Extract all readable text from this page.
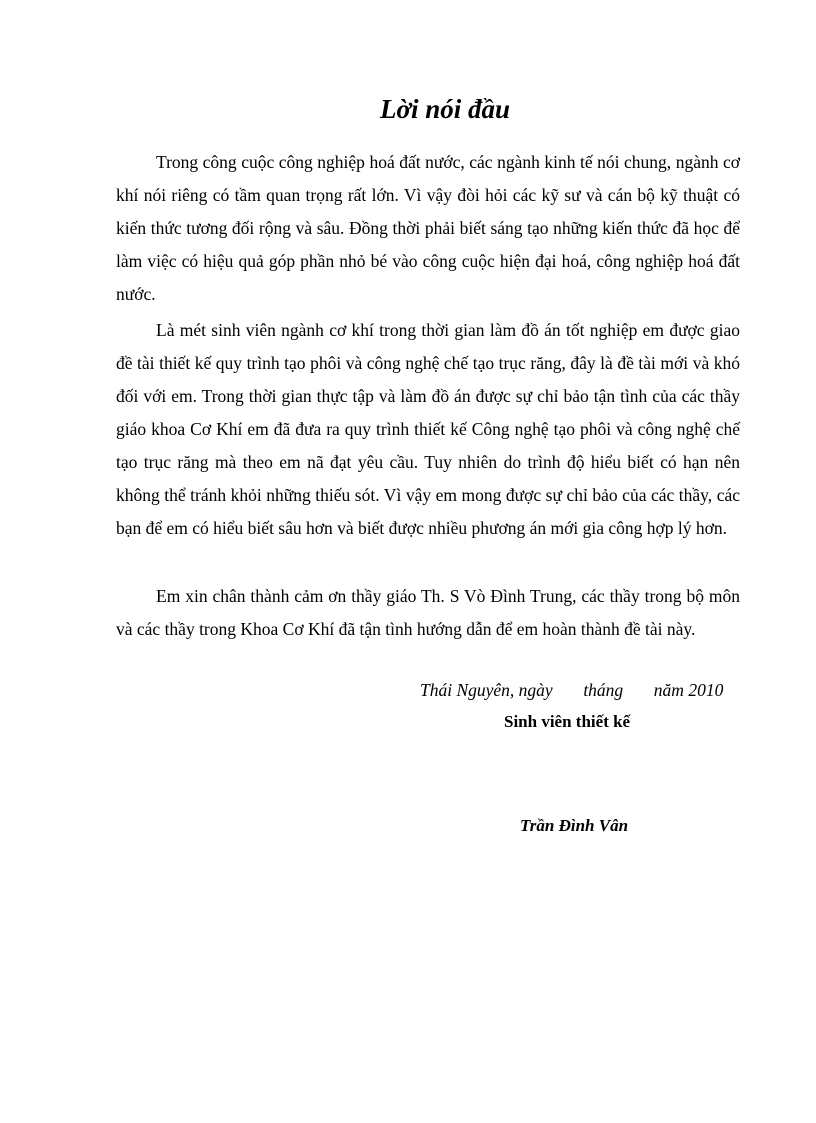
Lời nói đầu

Trong công cuộc công nghiệp hoá đất nước, các ngành kinh tế nói chung, ngành cơ khí nói riêng có tầm quan trọng rất lớn. Vì vậy đòi hỏi các kỹ sư và cán bộ kỹ thuật có kiến thức tương đối rộng và sâu. Đồng thời phải biết sáng tạo những kiến thức đã học để làm việc có hiệu quả góp phần nhỏ bé vào công cuộc hiện đại hoá, công nghiệp hoá đất nước.

Là mét sinh viên ngành cơ khí trong thời gian làm đồ án tốt nghiệp em được giao đề tài thiết kế quy trình tạo phôi và công nghệ chế tạo trục răng, đây là đề tài mới và khó đối với em. Trong thời gian thực tập và làm đồ án được sự chỉ bảo tận tình của các thầy giáo khoa Cơ Khí em đã đưa ra quy trình thiết kế Công nghệ tạo phôi và công nghệ chế tạo trục răng mà theo em nã đạt yêu cầu. Tuy nhiên do trình độ hiểu biết có hạn nên không thể tránh khỏi những thiếu sót. Vì vậy em mong được sự chỉ bảo của các thầy, các bạn để em có hiểu biết sâu hơn và biết được nhiều phương án mới gia công hợp lý hơn.

Em xin chân thành cảm ơn thầy giáo Th. S Vò Đình Trung, các thầy trong bộ môn và các thầy trong Khoa Cơ Khí đã tận tình hướng dẫn để em hoàn thành đề tài này.

Thái Nguyên, ngày       tháng       năm 2010

Sinh viên thiết kế

Trần Đình Vân
